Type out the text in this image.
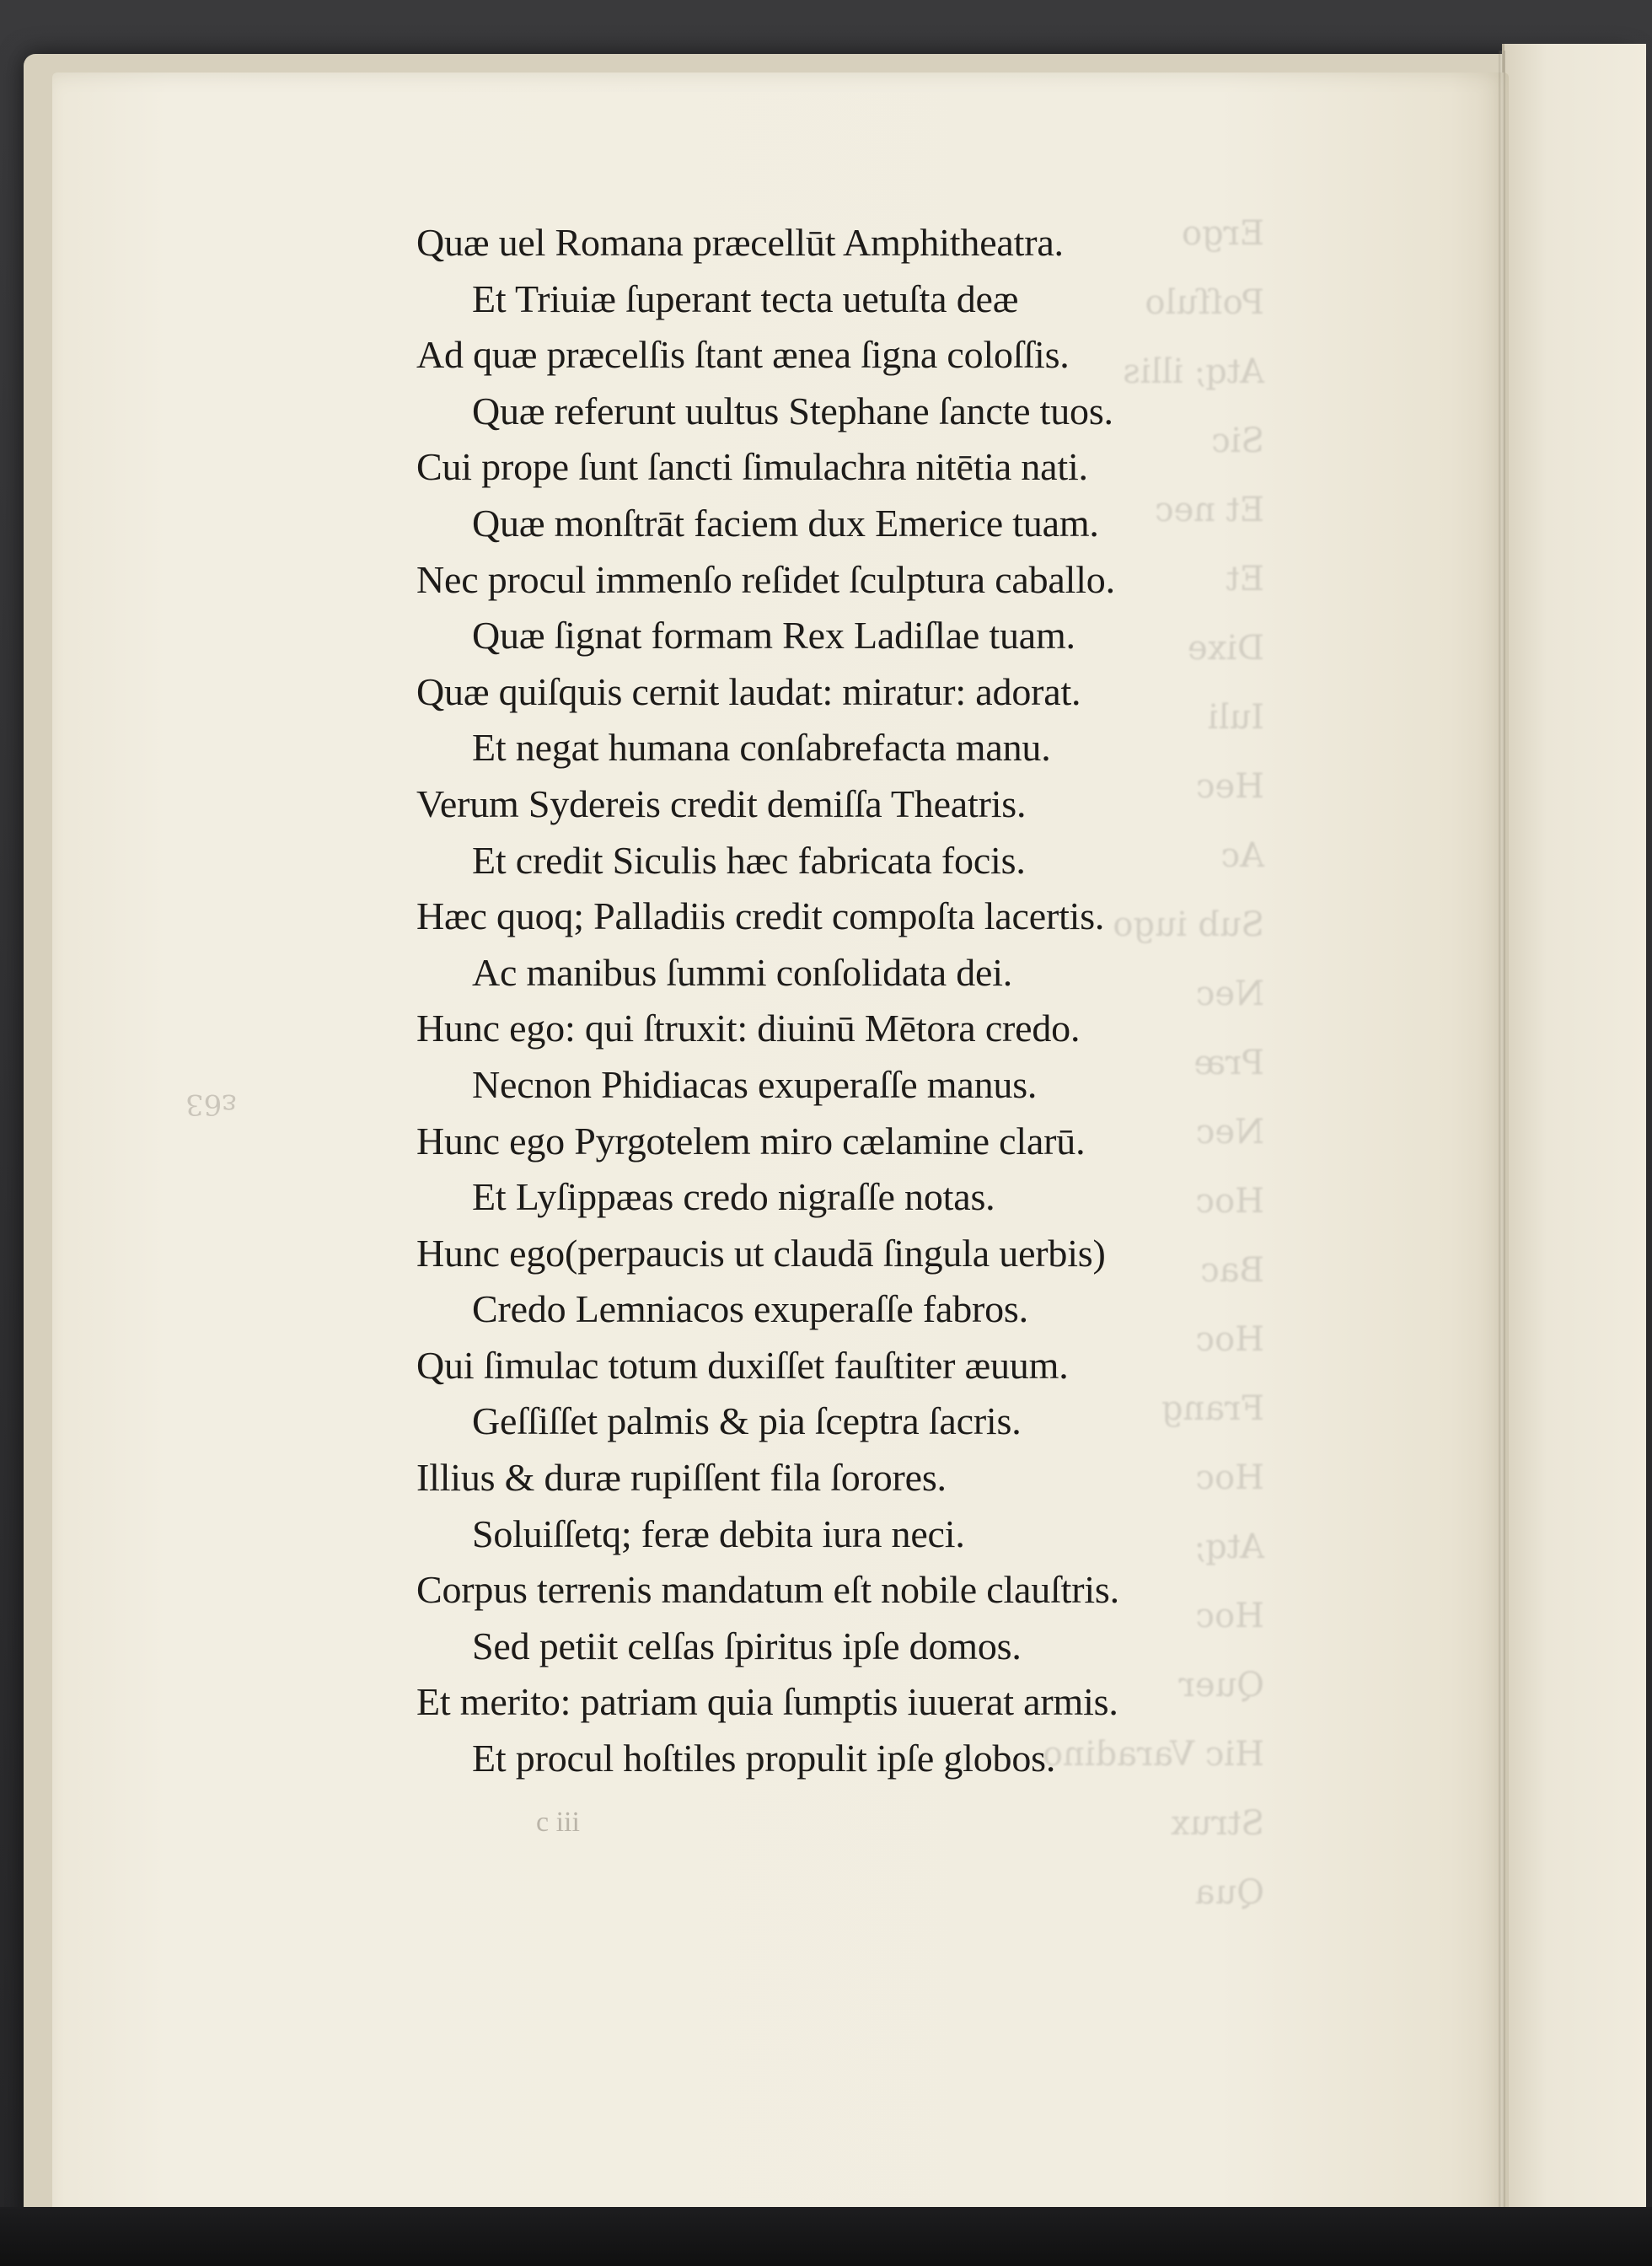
Ergo
Poſſulo
Atq; illis
Sic
Et nec
Et
Dixe
Iuli
Hec
Ac
Sub iugo
Nec
Præ
Nec
Hoc
Bac
Hoc
Frang
Hoc
Atq;
Hoc
Quer
Hic Varadino
Strux
Qua
ε63
Quæ uel Romana præcellūt Amphitheatra.
Et Triuiæ ſuperant tecta uetuſta deæ
Ad quæ præcelſis ſtant ænea ſigna coloſſis.
Quæ referunt uultus Stephane ſancte tuos.
Cui prope ſunt ſancti ſimulachra nitētia nati.
Quæ monſtrāt faciem dux Emerice tuam.
Nec procul immenſo reſidet ſculptura caballo.
Quæ ſignat formam Rex Ladiſlae tuam.
Quæ quiſquis cernit laudat: miratur: adorat.
Et negat humana conſabrefacta manu.
Verum Sydereis credit demiſſa Theatris.
Et credit Siculis hæc fabricata focis.
Hæc quoq; Palladiis credit compoſta lacertis.
Ac manibus ſummi conſolidata dei.
Hunc ego: qui ſtruxit: diuinū Mētora credo.
Necnon Phidiacas exuperaſſe manus.
Hunc ego Pyrgotelem miro cælamine clarū.
Et Lyſippæas credo nigraſſe notas.
Hunc ego(perpaucis ut claudā ſingula uerbis)
Credo Lemniacos exuperaſſe fabros.
Qui ſimulac totum duxiſſet fauſtiter æuum.
Geſſiſſet palmis & pia ſceptra ſacris.
Illius & duræ rupiſſent fila ſorores.
Soluiſſetq; feræ debita iura neci.
Corpus terrenis mandatum eſt nobile clauſtris.
Sed petiit celſas ſpiritus ipſe domos.
Et merito: patriam quia ſumptis iuuerat armis.
Et procul hoſtiles propulit ipſe globos.
c iii
